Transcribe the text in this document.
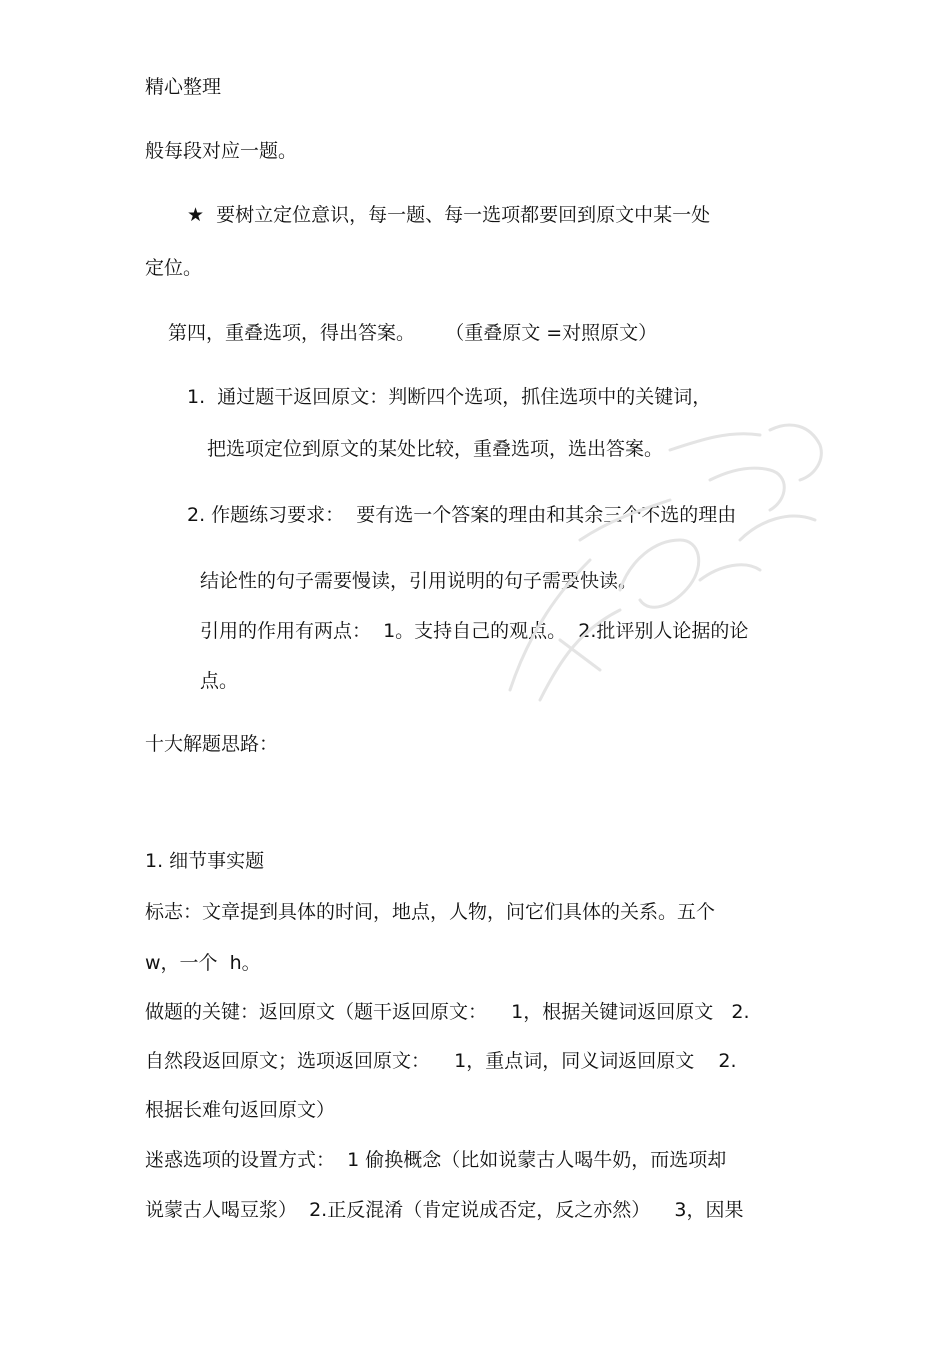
精心整理
般每段对应一题。
★  要树立定位意识，每一题、每一选项都要回到原文中某一处
定位。
第四，重叠选项，得出答案。     （重叠原文 =对照原文）
1.  通过题干返回原文：判断四个选项，抓住选项中的关键词，
把选项定位到原文的某处比较，重叠选项，选出答案。
2. 作题练习要求：  要有选一个答案的理由和其余三个不选的理由
结论性的句子需要慢读，引用说明的句子需要快读。
引用的作用有两点：  1。支持自己的观点。  2.批评别人论据的论
点。
十大解题思路：
1. 细节事实题
标志：文章提到具体的时间，地点，人物，问它们具体的关系。五个
w，一个  h。
做题的关键：返回原文（题干返回原文：    1，根据关键词返回原文   2.
自然段返回原文；选项返回原文：    1，重点词，同义词返回原文    2.
根据长难句返回原文）
迷惑选项的设置方式：  1 偷换概念（比如说蒙古人喝牛奶，而选项却
说蒙古人喝豆浆）  2.正反混淆（肯定说成否定，反之亦然）    3，因果
